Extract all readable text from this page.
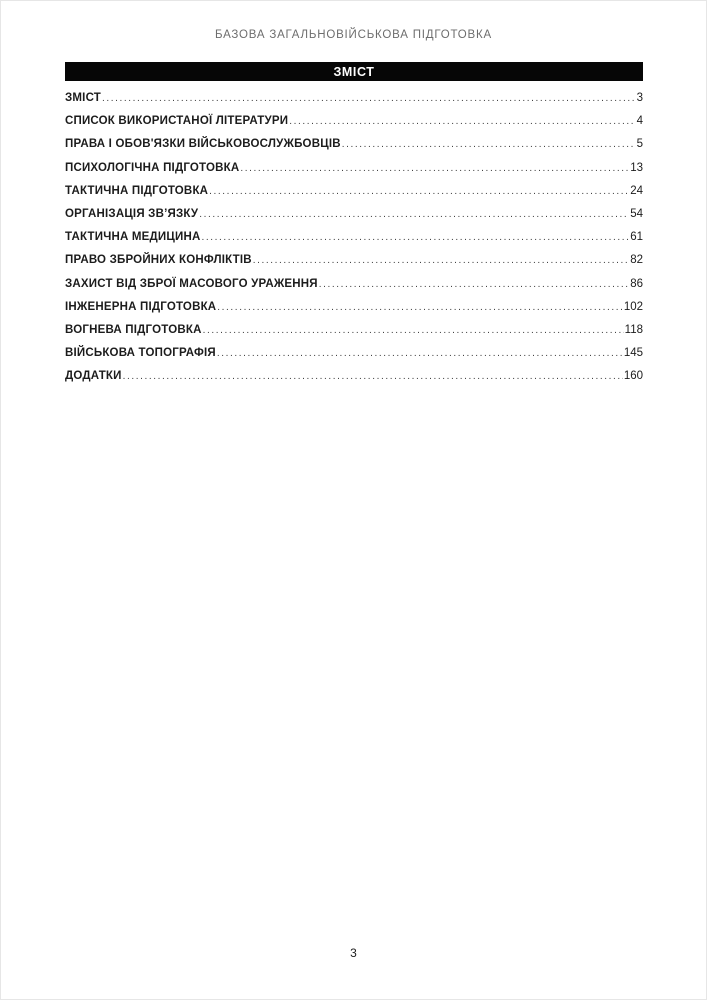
БАЗОВА ЗАГАЛЬНОВІЙСЬКОВА ПІДГОТОВКА
ЗМІСТ
ЗМІСТ .....	3
СПИСОК ВИКОРИСТАНОЇ ЛІТЕРАТУРИ .....	4
ПРАВА І ОБОВ'ЯЗКИ ВІЙСЬКОВОСЛУЖБОВЦІВ .....	5
ПСИХОЛОГІЧНА ПІДГОТОВКА .....	13
ТАКТИЧНА ПІДГОТОВКА .....	24
ОРГАНІЗАЦІЯ ЗВ’ЯЗКУ .....	54
ТАКТИЧНА МЕДИЦИНА .....	61
ПРАВО ЗБРОЙНИХ КОНФЛІКТІВ .....	82
ЗАХИСТ ВІД ЗБРОЇ МАСОВОГО УРАЖЕННЯ .....	86
ІНЖЕНЕРНА ПІДГОТОВКА .....	102
ВОГНЕВА ПІДГОТОВКА .....	118
ВІЙСЬКОВА ТОПОГРАФІЯ .....	145
ДОДАТКИ .....	160
3
